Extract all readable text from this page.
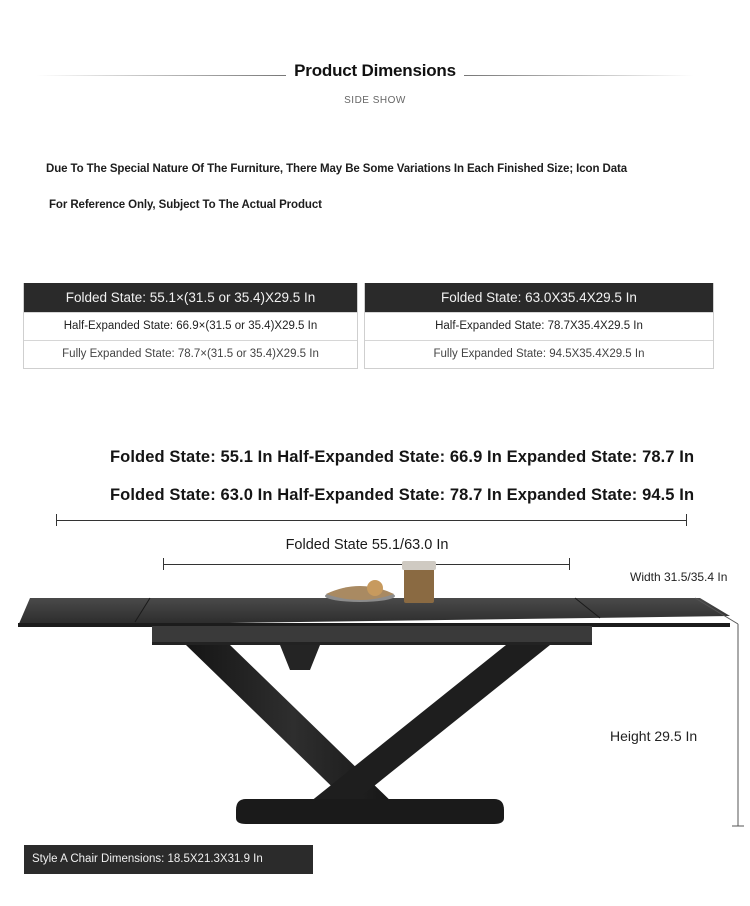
Product Dimensions
SIDE SHOW
Due To The Special Nature Of The Furniture, There May Be Some Variations In Each Finished Size; Icon Data
For Reference Only, Subject To The Actual Product
Folded State: 55.1×(31.5 or 35.4)X29.5 In
Half-Expanded State: 66.9×(31.5 or 35.4)X29.5 In
Fully Expanded State: 78.7×(31.5 or 35.4)X29.5 In
Folded State: 63.0X35.4X29.5 In
Half-Expanded State: 78.7X35.4X29.5 In
Fully Expanded State: 94.5X35.4X29.5 In
Folded State: 55.1 In Half-Expanded State: 66.9 In Expanded State: 78.7 In
Folded State: 63.0 In Half-Expanded State: 78.7 In Expanded State: 94.5 In
Folded State 55.1/63.0 In
Width 31.5/35.4 In
Height 29.5 In
Style A Chair Dimensions: 18.5X21.3X31.9 In
